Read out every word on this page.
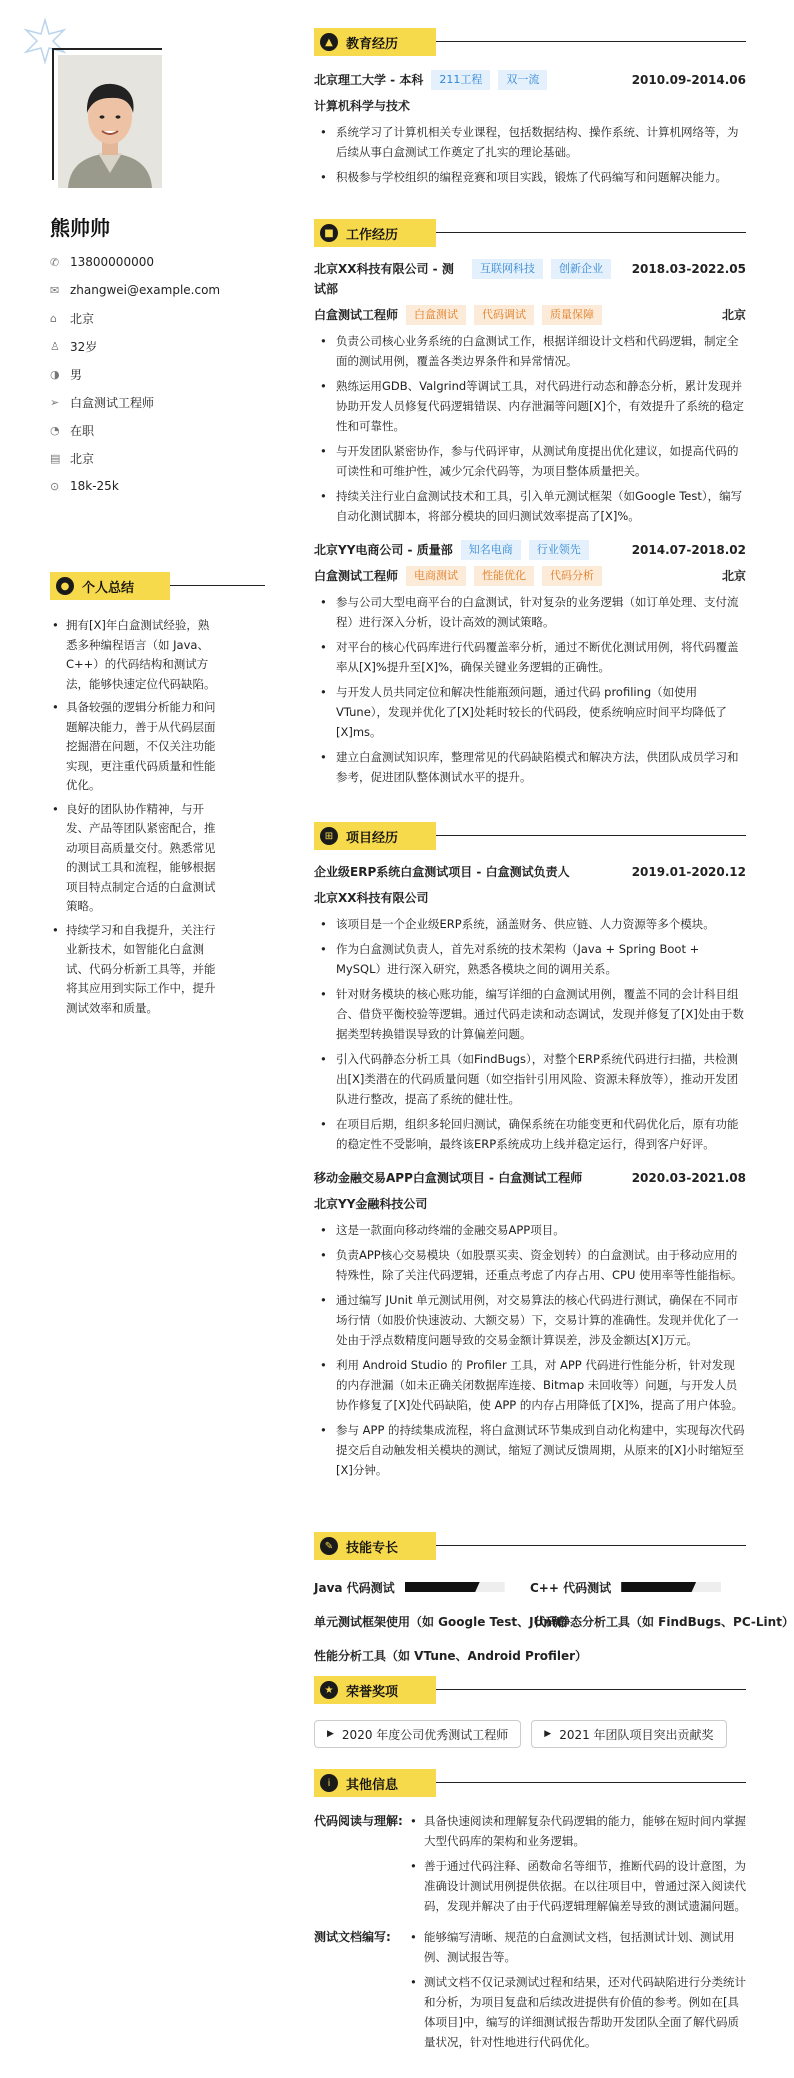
熊帅帅
✆ 13800000000
✉ zhangwei@example.com
⌂	北京
♙ 32岁
◑ 男
➢ 白盒测试工程师
◔ 在职
▤ 北京
⊙ 18k-25k
● 个人总结
• 拥有[X]年白盒测试经验，熟悉多种编程语言（如 Java、C++）的代码结构和测试方法，能够快速定位代码缺陷。
• 具备较强的逻辑分析能力和问题解决能力，善于从代码层面挖掘潜在问题，不仅关注功能实现，更注重代码质量和性能优化。
• 良好的团队协作精神，与开发、产品等团队紧密配合，推动项目高质量交付。熟悉常见的测试工具和流程，能够根据项目特点制定合适的白盒测试策略。
• 持续学习和自我提升，关注行业新技术，如智能化白盒测试、代码分析新工具等，并能将其应用到实际工作中，提升测试效率和质量。
▲	教育经历
北京理工大学 - 本科	211工程	双一流	2010.09-2014.06
计算机科学与技术
• 系统学习了计算机相关专业课程，包括数据结构、操作系统、计算机网络等，为后续从事白盒测试工作奠定了扎实的理论基础。
• 积极参与学校组织的编程竞赛和项目实践，锻炼了代码编写和问题解决能力。
■ 工作经历
北京XX科技有限公司 - 测试部
互联网科技	创新企业	2018.03-2022.05
白盒测试工程师	白盒测试	代码调试	质量保障	北京
• 负责公司核心业务系统的白盒测试工作，根据详细设计文档和代码逻辑，制定全面的测试用例，覆盖各类边界条件和异常情况。
• 熟练运用GDB、Valgrind等调试工具，对代码进行动态和静态分析，累计发现并协助开发人员修复代码逻辑错误、内存泄漏等问题[X]个，有效提升了系统的稳定性和可靠性。
• 与开发团队紧密协作，参与代码评审，从测试角度提出优化建议，如提高代码的可读性和可维护性，减少冗余代码等，为项目整体质量把关。
• 持续关注行业白盒测试技术和工具，引入单元测试框架（如Google Test），编写自动化测试脚本，将部分模块的回归测试效率提高了[X]%。
北京YY电商公司 - 质量部	知名电商	行业领先	2014.07-2018.02
白盒测试工程师	电商测试	性能优化	代码分析	北京
• 参与公司大型电商平台的白盒测试，针对复杂的业务逻辑（如订单处理、支付流程）进行深入分析，设计高效的测试策略。
• 对平台的核心代码库进行代码覆盖率分析，通过不断优化测试用例，将代码覆盖率从[X]%提升至[X]%，确保关键业务逻辑的正确性。
• 与开发人员共同定位和解决性能瓶颈问题，通过代码 profiling（如使用VTune），发现并优化了[X]处耗时较长的代码段，使系统响应时间平均降低了[X]ms。
• 建立白盒测试知识库，整理常见的代码缺陷模式和解决方法，供团队成员学习和参考，促进团队整体测试水平的提升。
⊞ 项目经历
企业级ERP系统白盒测试项目 - 白盒测试负责人	2019.01-2020.12
北京XX科技有限公司
• 该项目是一个企业级ERP系统，涵盖财务、供应链、人力资源等多个模块。
• 作为白盒测试负责人，首先对系统的技术架构（Java + Spring Boot + MySQL）进行深入研究，熟悉各模块之间的调用关系。
• 针对财务模块的核心账功能，编写详细的白盒测试用例，覆盖不同的会计科目组合、借贷平衡校验等逻辑。通过代码走读和动态调试，发现并修复了[X]处由于数据类型转换错误导致的计算偏差问题。
• 引入代码静态分析工具（如FindBugs），对整个ERP系统代码进行扫描，共检测出[X]类潜在的代码质量问题（如空指针引用风险、资源未释放等），推动开发团队进行整改，提高了系统的健壮性。
• 在项目后期，组织多轮回归测试，确保系统在功能变更和代码优化后，原有功能的稳定性不受影响，最终该ERP系统成功上线并稳定运行，得到客户好评。
移动金融交易APP白盒测试项目 - 白盒测试工程师	2020.03-2021.08
北京YY金融科技公司
• 这是一款面向移动终端的金融交易APP项目。
• 负责APP核心交易模块（如股票买卖、资金划转）的白盒测试。由于移动应用的特殊性，除了关注代码逻辑，还重点考虑了内存占用、CPU 使用率等性能指标。
• 通过编写 JUnit 单元测试用例，对交易算法的核心代码进行测试，确保在不同市场行情（如股价快速波动、大额交易）下，交易计算的准确性。发现并优化了一处由于浮点数精度问题导致的交易金额计算误差，涉及金额达[X]万元。
• 利用 Android Studio 的 Profiler 工具，对 APP 代码进行性能分析，针对发现的内存泄漏（如未正确关闭数据库连接、Bitmap 未回收等）问题，与开发人员协作修复了[X]处代码缺陷，使 APP 的内存占用降低了[X]%，提高了用户体验。
• 参与 APP 的持续集成流程，将白盒测试环节集成到自动化构建中，实现每次代码提交后自动触发相关模块的测试，缩短了测试反馈周期，从原来的[X]小时缩短至[X]分钟。
✎ 技能专长
Java 代码测试	C++ 代码测试
单元测试框架使用（如 Google Test、JUnit）
代码静态分析工具（如 FindBugs、PC-Lint）
性能分析工具（如 VTune、Android Profiler）
★ 荣誉奖项
▶ 2020 年度公司优秀测试工程师	▶ 2021 年团队项目突出贡献奖
i	其他信息
代码阅读与理解:	• 具备快速阅读和理解复杂代码逻辑的能力，能够在短时间内掌握大型代码库的架构和业务逻辑。
• 善于通过代码注释、函数命名等细节，推断代码的设计意图，为准确设计测试用例提供依据。在以往项目中，曾通过深入阅读代码，发现并解决了由于代码逻辑理解偏差导致的测试遗漏问题。
测试文档编写:	• 能够编写清晰、规范的白盒测试文档，包括测试计划、测试用例、测试报告等。
• 测试文档不仅记录测试过程和结果，还对代码缺陷进行分类统计和分析，为项目复盘和后续改进提供有价值的参考。例如在[具体项目]中，编写的详细测试报告帮助开发团队全面了解代码质量状况，针对性地进行代码优化。
